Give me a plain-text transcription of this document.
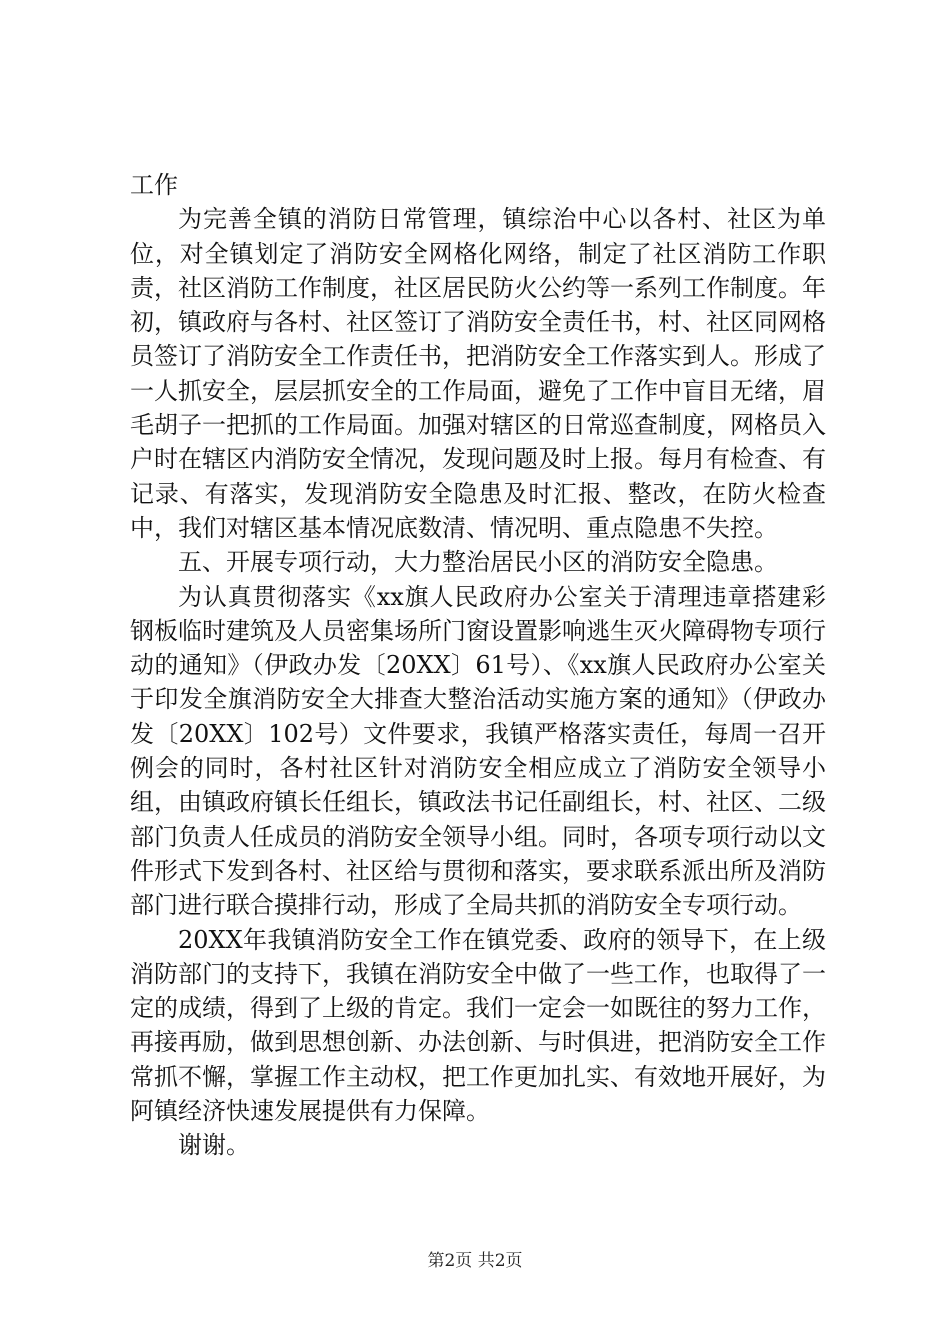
工作

为完善全镇的消防日常管理，镇综治中心以各村、社区为单位，对全镇划定了消防安全网格化网络，制定了社区消防工作职责，社区消防工作制度，社区居民防火公约等一系列工作制度。年初，镇政府与各村、社区签订了消防安全责任书，村、社区同网格员签订了消防安全工作责任书，把消防安全工作落实到人。形成了一人抓安全，层层抓安全的工作局面，避免了工作中盲目无绪，眉毛胡子一把抓的工作局面。加强对辖区的日常巡查制度，网格员入户时在辖区内消防安全情况，发现问题及时上报。每月有检查、有记录、有落实，发现消防安全隐患及时汇报、整改，在防火检查中，我们对辖区基本情况底数清、情况明、重点隐患不失控。

五、开展专项行动，大力整治居民小区的消防安全隐患。

为认真贯彻落实《xx旗人民政府办公室关于清理违章搭建彩钢板临时建筑及人员密集场所门窗设置影响逃生灭火障碍物专项行动的通知》（伊政办发〔20XX〕61号）、《xx旗人民政府办公室关于印发全旗消防安全大排查大整治活动实施方案的通知》（伊政办发〔20XX〕102号）文件要求，我镇严格落实责任，每周一召开例会的同时，各村社区针对消防安全相应成立了消防安全领导小组，由镇政府镇长任组长，镇政法书记任副组长，村、社区、二级部门负责人任成员的消防安全领导小组。同时，各项专项行动以文件形式下发到各村、社区给与贯彻和落实，要求联系派出所及消防部门进行联合摸排行动，形成了全局共抓的消防安全专项行动。

20XX年我镇消防安全工作在镇党委、政府的领导下，在上级消防部门的支持下，我镇在消防安全中做了一些工作，也取得了一定的成绩，得到了上级的肯定。我们一定会一如既往的努力工作，再接再励，做到思想创新、办法创新、与时俱进，把消防安全工作常抓不懈，掌握工作主动权，把工作更加扎实、有效地开展好，为阿镇经济快速发展提供有力保障。

谢谢。

第2页 共2页
